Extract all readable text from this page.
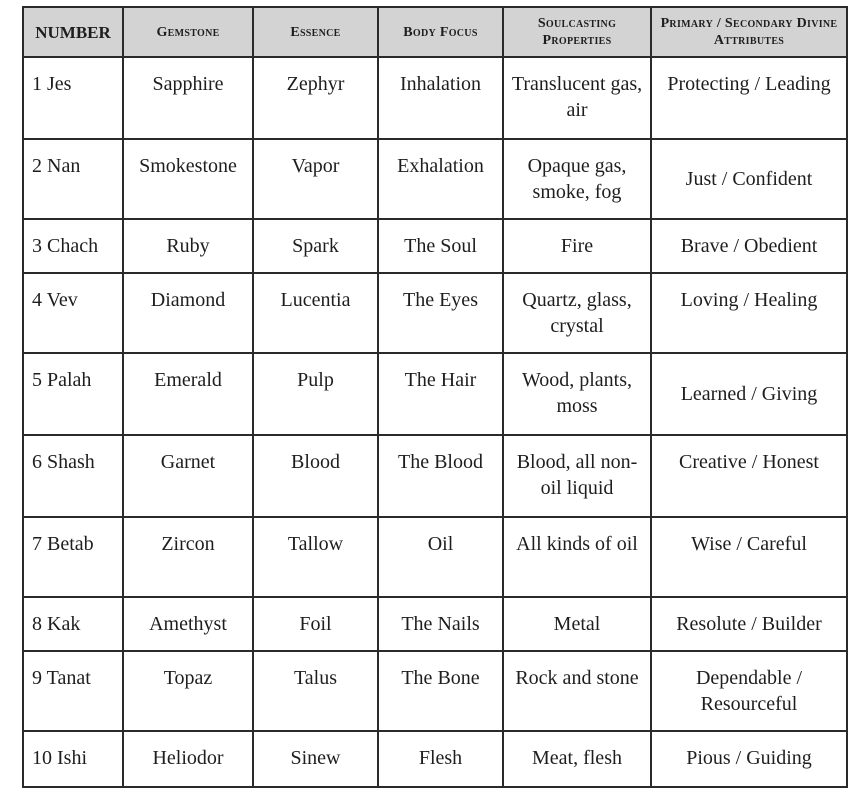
NUMBER	Gemstone	Essence	Body Focus	Soulcasting Properties	Primary / Secondary Divine Attributes
1 Jes	Sapphire	Zephyr	Inhalation	Translucent gas, air	Protecting / Leading
2 Nan	Smokestone	Vapor	Exhalation	Opaque gas, smoke, fog	Just / Confident
3 Chach	Ruby	Spark	The Soul	Fire	Brave / Obedient
4 Vev	Diamond	Lucentia	The Eyes	Quartz, glass, crystal	Loving / Healing
5 Palah	Emerald	Pulp	The Hair	Wood, plants, moss	Learned / Giving
6 Shash	Garnet	Blood	The Blood	Blood, all non-oil liquid	Creative / Honest
7 Betab	Zircon	Tallow	Oil	All kinds of oil	Wise / Careful
8 Kak	Amethyst	Foil	The Nails	Metal	Resolute / Builder
9 Tanat	Topaz	Talus	The Bone	Rock and stone	Dependable / Resourceful
10 Ishi	Heliodor	Sinew	Flesh	Meat, flesh	Pious / Guiding
